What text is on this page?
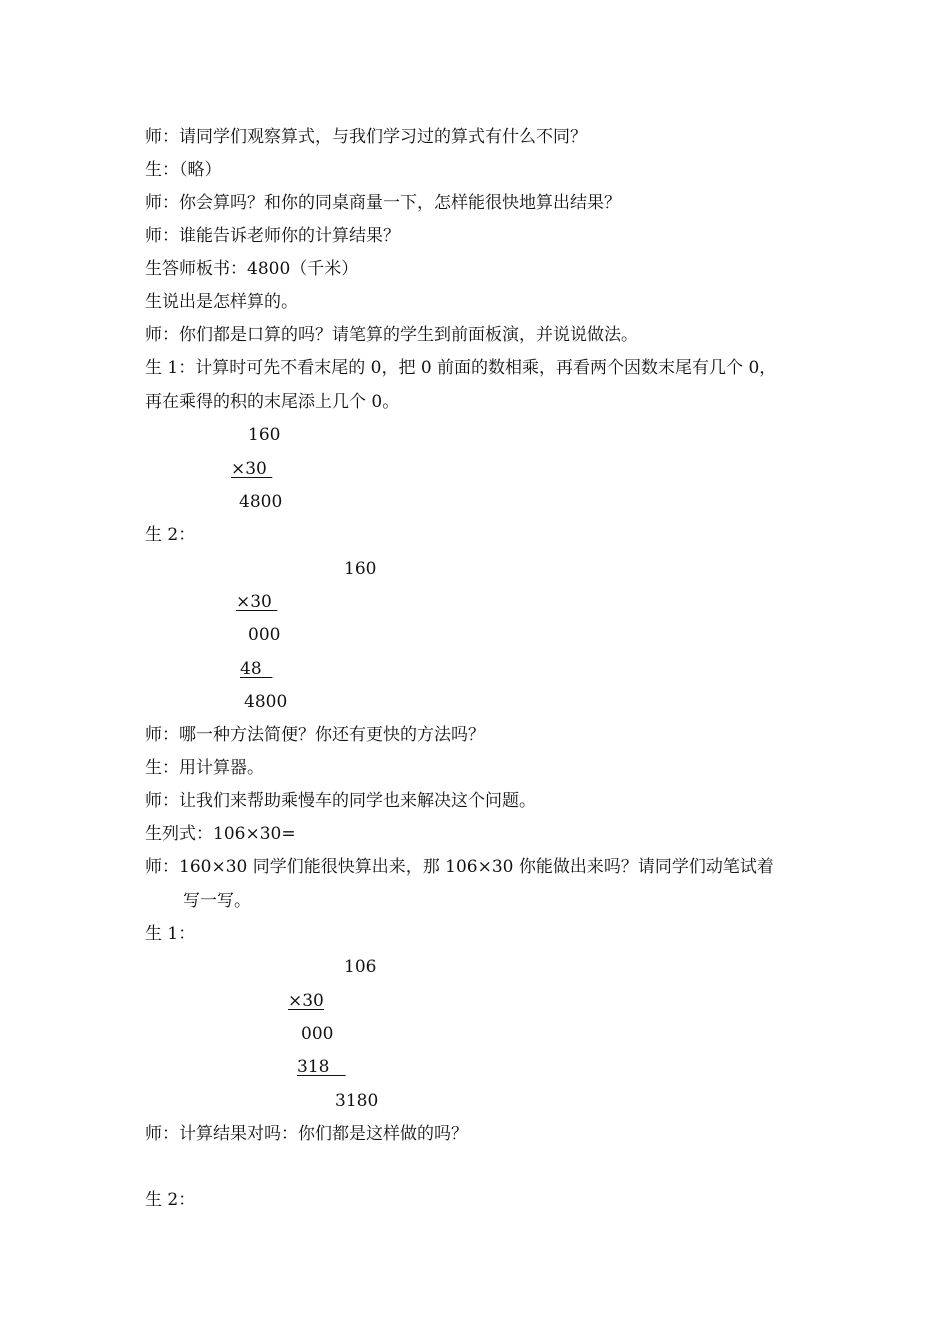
师：请同学们观察算式，与我们学习过的算式有什么不同？
生：（略）
师：你会算吗？和你的同桌商量一下，怎样能很快地算出结果？
师：谁能告诉老师你的计算结果？
生答师板书：4800（千米）
生说出是怎样算的。
师：你们都是口算的吗？请笔算的学生到前面板演，并说说做法。
生 1：计算时可先不看末尾的 0，把 0 前面的数相乘，再看两个因数末尾有几个 0，
再在乘得的积的末尾添上几个 0。
160
×30
4800
生 2：
160
×30
000
48
4800
师：哪一种方法简便？你还有更快的方法吗？
生：用计算器。
师：让我们来帮助乘慢车的同学也来解决这个问题。
生列式：106×30=
师：160×30 同学们能很快算出来，那 106×30 你能做出来吗？请同学们动笔试着
写一写。
生 1：
106
×30
000
318
3180
师：计算结果对吗：你们都是这样做的吗？
生 2：
